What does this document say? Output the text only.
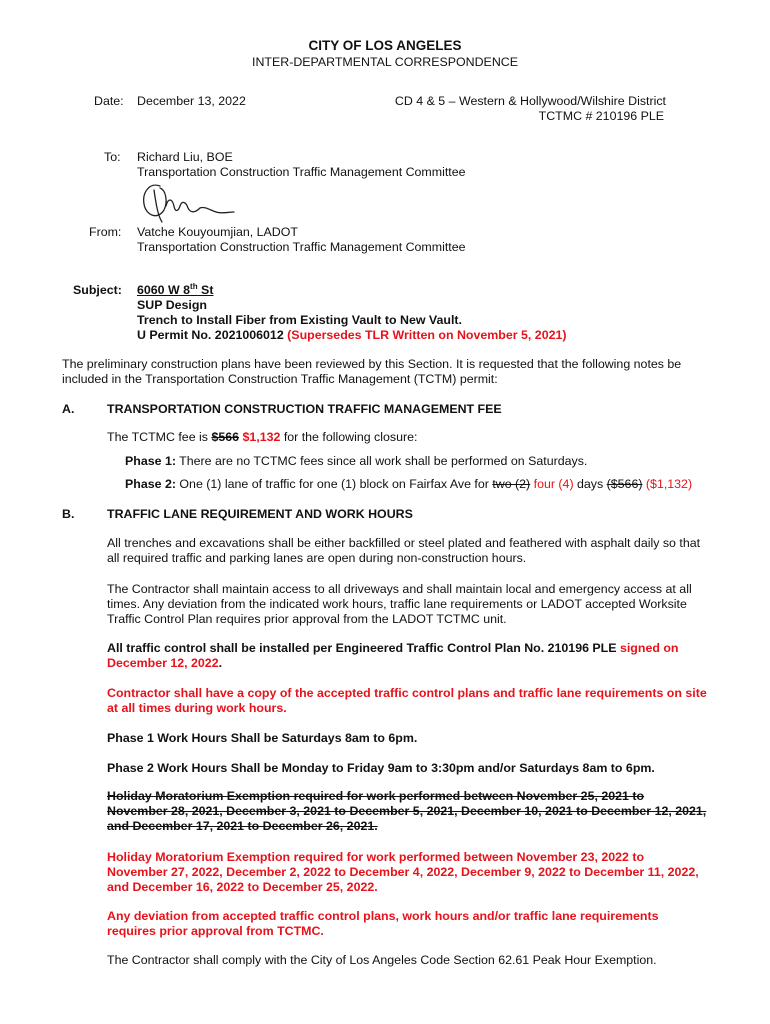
CITY OF LOS ANGELES
INTER-DEPARTMENTAL CORRESPONDENCE
Date: December 13, 2022	CD 4 & 5 – Western & Hollywood/Wilshire District
TCTMC # 210196 PLE
To: Richard Liu, BOE
Transportation Construction Traffic Management Committee
From: Vatche Kouyoumjian, LADOT
Transportation Construction Traffic Management Committee
Subject: 6060 W 8th St
SUP Design
Trench to Install Fiber from Existing Vault to New Vault.
U Permit No. 2021006012 (Supersedes TLR Written on November 5, 2021)
The preliminary construction plans have been reviewed by this Section. It is requested that the following notes be included in the Transportation Construction Traffic Management (TCTM) permit:
A.	TRANSPORTATION CONSTRUCTION TRAFFIC MANAGEMENT FEE
The TCTMC fee is $566 $1,132 for the following closure:
Phase 1: There are no TCTMC fees since all work shall be performed on Saturdays.
Phase 2: One (1) lane of traffic for one (1) block on Fairfax Ave for two (2) four (4) days ($566) ($1,132)
B.	TRAFFIC LANE REQUIREMENT AND WORK HOURS
All trenches and excavations shall be either backfilled or steel plated and feathered with asphalt daily so that all required traffic and parking lanes are open during non-construction hours.
The Contractor shall maintain access to all driveways and shall maintain local and emergency access at all times. Any deviation from the indicated work hours, traffic lane requirements or LADOT accepted Worksite Traffic Control Plan requires prior approval from the LADOT TCTMC unit.
All traffic control shall be installed per Engineered Traffic Control Plan No. 210196 PLE signed on December 12, 2022.
Contractor shall have a copy of the accepted traffic control plans and traffic lane requirements on site at all times during work hours.
Phase 1 Work Hours Shall be Saturdays 8am to 6pm.
Phase 2 Work Hours Shall be Monday to Friday 9am to 3:30pm and/or Saturdays 8am to 6pm.
Holiday Moratorium Exemption required for work performed between November 25, 2021 to November 28, 2021, December 3, 2021 to December 5, 2021, December 10, 2021 to December 12, 2021, and December 17, 2021 to December 26, 2021.
Holiday Moratorium Exemption required for work performed between November 23, 2022 to November 27, 2022, December 2, 2022 to December 4, 2022, December 9, 2022 to December 11, 2022, and December 16, 2022 to December 25, 2022.
Any deviation from accepted traffic control plans, work hours and/or traffic lane requirements requires prior approval from TCTMC.
The Contractor shall comply with the City of Los Angeles Code Section 62.61 Peak Hour Exemption.
